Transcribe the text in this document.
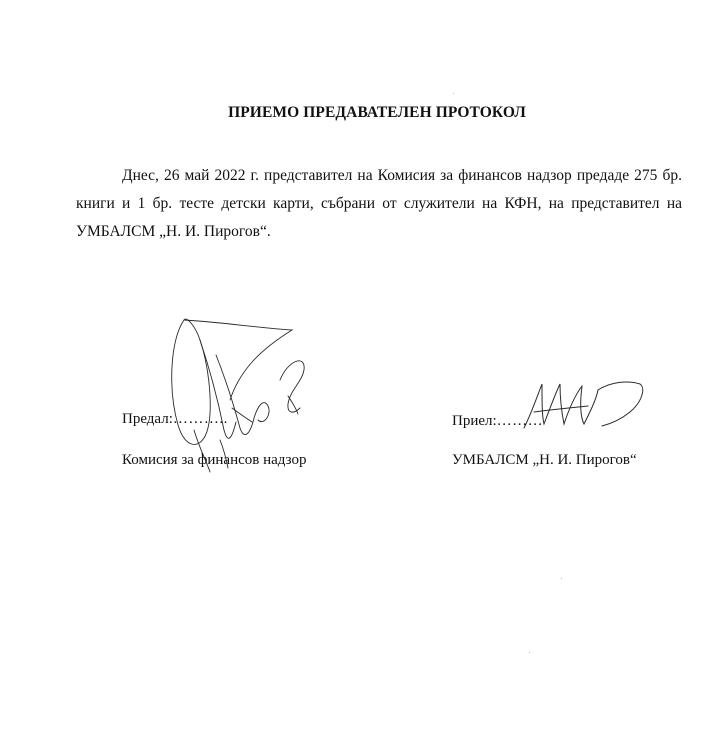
ПРИЕМО ПРЕДАВАТЕЛЕН ПРОТОКОЛ
Днес, 26 май 2022 г. представител на Комисия за финансов надзор предаде 275 бр. книги и 1 бр. тесте детски карти, събрани от служители на КФН, на представител на УМБАЛСМ „Н. И. Пирогов“.
Предал:………..
Комисия за финансов надзор
Приел:………
УМБАЛСМ „Н. И. Пирогов“
